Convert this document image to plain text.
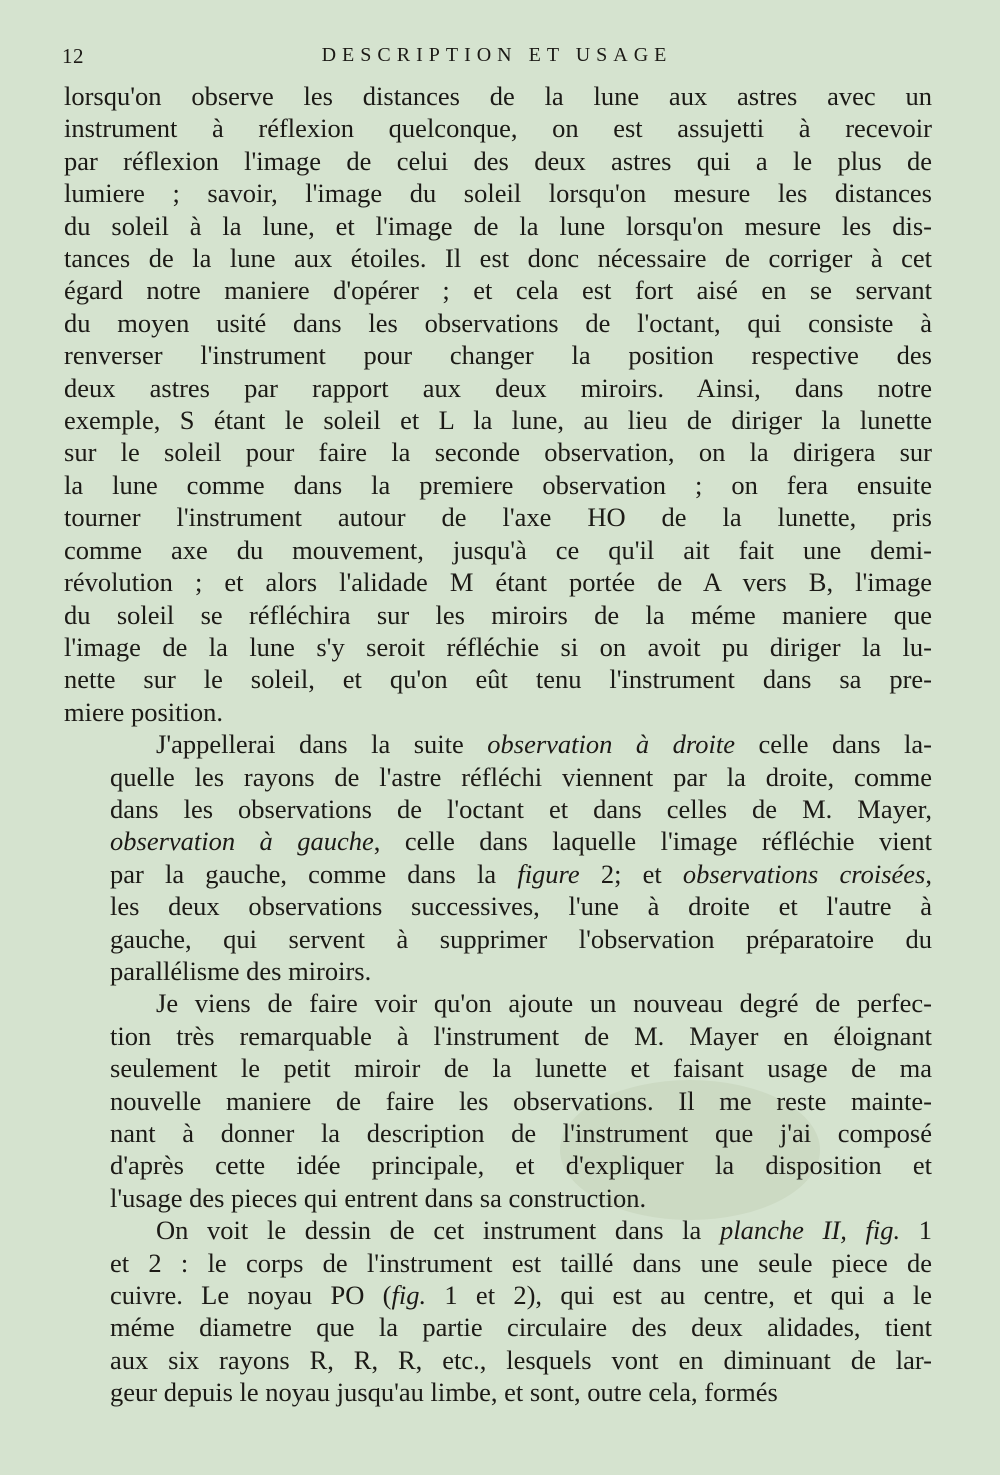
12	DESCRIPTION ET USAGE
lorsqu'on observe les distances de la lune aux astres avec un
instrument à réflexion quelconque, on est assujetti à recevoir
par réflexion l'image de celui des deux astres qui a le plus de
lumiere ; savoir, l'image du soleil lorsqu'on mesure les distances
du soleil à la lune, et l'image de la lune lorsqu'on mesure les dis-
tances de la lune aux étoiles. Il est donc nécessaire de corriger à cet
égard notre maniere d'opérer ; et cela est fort aisé en se servant
du moyen usité dans les observations de l'octant, qui consiste à
renverser l'instrument pour changer la position respective des
deux astres par rapport aux deux miroirs. Ainsi, dans notre
exemple, S étant le soleil et L la lune, au lieu de diriger la lunette
sur le soleil pour faire la seconde observation, on la dirigera sur
la lune comme dans la premiere observation ; on fera ensuite
tourner l'instrument autour de l'axe HO de la lunette, pris
comme axe du mouvement, jusqu'à ce qu'il ait fait une demi-
révolution ; et alors l'alidade M étant portée de A vers B, l'image
du soleil se réfléchira sur les miroirs de la méme maniere que
l'image de la lune s'y seroit réfléchie si on avoit pu diriger la lu-
nette sur le soleil, et qu'on eût tenu l'instrument dans sa pre-
miere position.
J'appellerai dans la suite observation à droite celle dans la-
quelle les rayons de l'astre réfléchi viennent par la droite, comme
dans les observations de l'octant et dans celles de M. Mayer,
observation à gauche, celle dans laquelle l'image réfléchie vient
par la gauche, comme dans la figure 2; et observations croisées,
les deux observations successives, l'une à droite et l'autre à
gauche, qui servent à supprimer l'observation préparatoire du
parallélisme des miroirs.
Je viens de faire voir qu'on ajoute un nouveau degré de perfec-
tion très remarquable à l'instrument de M. Mayer en éloignant
seulement le petit miroir de la lunette et faisant usage de ma
nouvelle maniere de faire les observations. Il me reste mainte-
nant à donner la description de l'instrument que j'ai composé
d'après cette idée principale, et d'expliquer la disposition et
l'usage des pieces qui entrent dans sa construction.
On voit le dessin de cet instrument dans la planche II, fig. 1
et 2 : le corps de l'instrument est taillé dans une seule piece de
cuivre. Le noyau PO (fig. 1 et 2), qui est au centre, et qui a le
méme diametre que la partie circulaire des deux alidades, tient
aux six rayons R, R, R, etc., lesquels vont en diminuant de lar-
geur depuis le noyau jusqu'au limbe, et sont, outre cela, formés
